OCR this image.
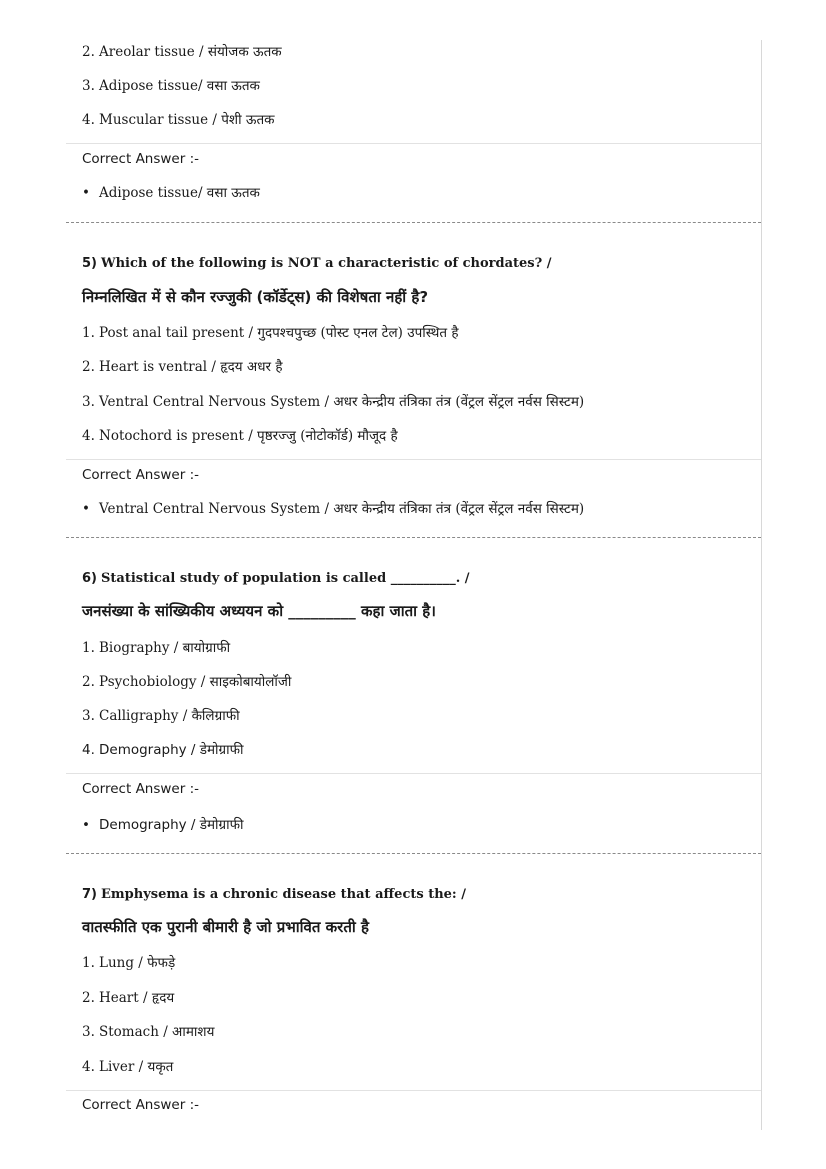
2. Areolar tissue / संयोजक ऊतक
3. Adipose tissue/ वसा ऊतक
4. Muscular tissue / पेशी ऊतक
Correct Answer :-
• Adipose tissue/ वसा ऊतक
5) Which of the following is NOT a characteristic of chordates? /
निम्नलिखित में से कौन रज्जुकी (कॉर्डेट्स) की विशेषता नहीं है?
1. Post anal tail present / गुदपश्चपुच्छ (पोस्ट एनल टेल) उपस्थित है
2. Heart is ventral / हृदय अधर है
3. Ventral Central Nervous System / अधर केन्द्रीय तंत्रिका तंत्र (वेंट्रल सेंट्रल नर्वस सिस्टम)
4. Notochord is present / पृष्ठरज्जु (नोटोकॉर्ड) मौजूद है
Correct Answer :-
• Ventral Central Nervous System / अधर केन्द्रीय तंत्रिका तंत्र (वेंट्रल सेंट्रल नर्वस सिस्टम)
6) Statistical study of population is called __________. /
जनसंख्या के सांख्यिकीय अध्ययन को _________ कहा जाता है।
1. Biography / बायोग्राफी
2. Psychobiology / साइकोबायोलॉजी
3. Calligraphy / कैलिग्राफी
4. Demography / डेमोग्राफी
Correct Answer :-
• Demography / डेमोग्राफी
7) Emphysema is a chronic disease that affects the: /
वातस्फीति एक पुरानी बीमारी है जो प्रभावित करती है
1. Lung / फेफड़े
2. Heart / हृदय
3. Stomach / आमाशय
4. Liver / यकृत
Correct Answer :-
